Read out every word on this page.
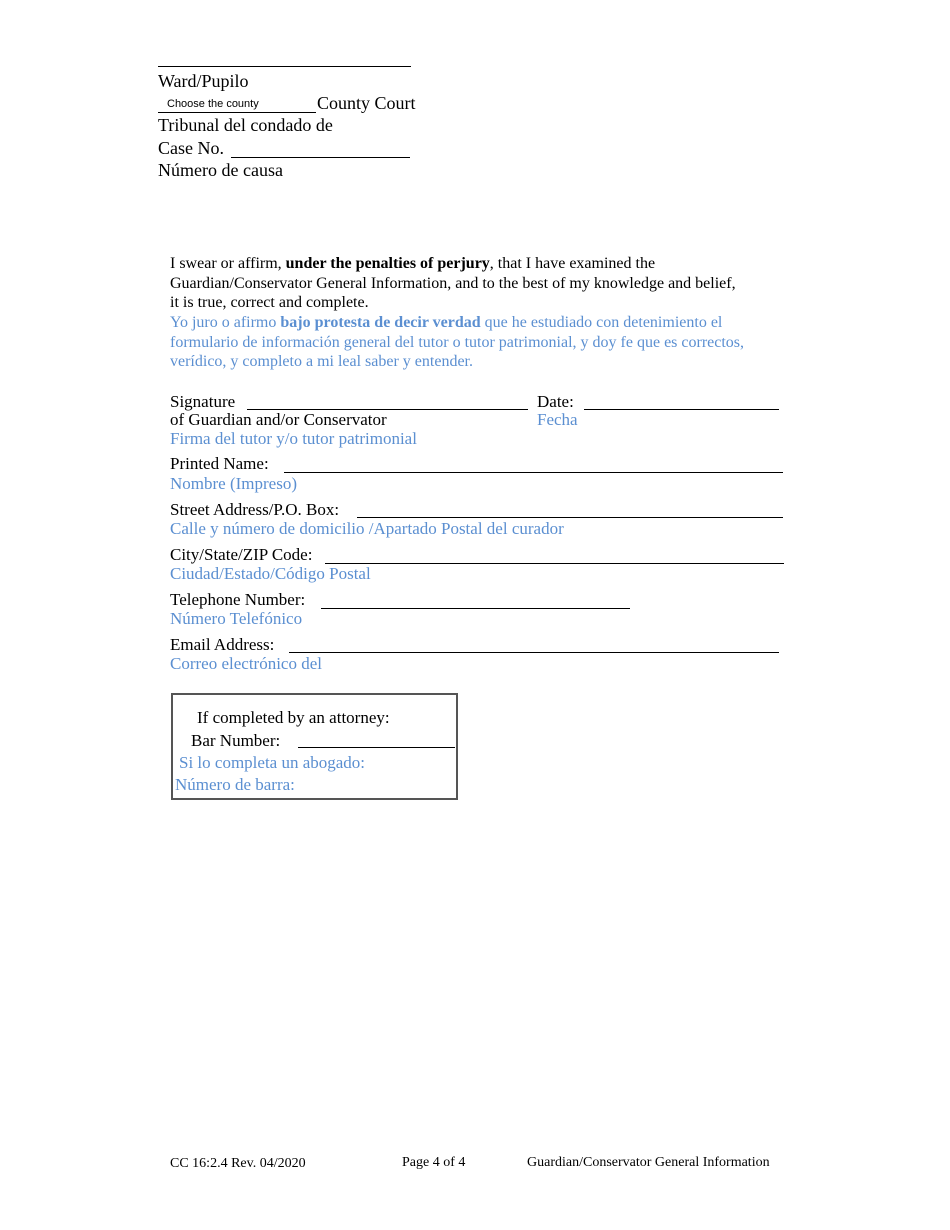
Ward/Pupilo
Choose the county	County Court
Tribunal del condado de
Case No.
Número de causa
I swear or affirm, under the penalties of perjury, that I have examined the
Guardian/Conservator General Information, and to the best of my knowledge and belief,
it is true, correct and complete.
Yo juro o afirmo bajo protesta de decir verdad que he estudiado con detenimiento el
formulario de información general del tutor o tutor patrimonial, y doy fe que es correctos,
verídico, y completo a mi leal saber y entender.
Signature
of Guardian and/or Conservator
Firma del tutor y/o tutor patrimonial
Date:
Fecha
Printed Name:
Nombre (Impreso)
Street Address/P.O. Box:
Calle y número de domicilio /Apartado Postal del curador
City/State/ZIP Code:
Ciudad/Estado/Código Postal
Telephone Number:
Número Telefónico
Email Address:
Correo electrónico del
If completed by an attorney:
Bar Number:
Si lo completa un abogado:
Número de barra:
CC 16:2.4 Rev. 04/2020	Page 4 of 4	Guardian/Conservator General Information
